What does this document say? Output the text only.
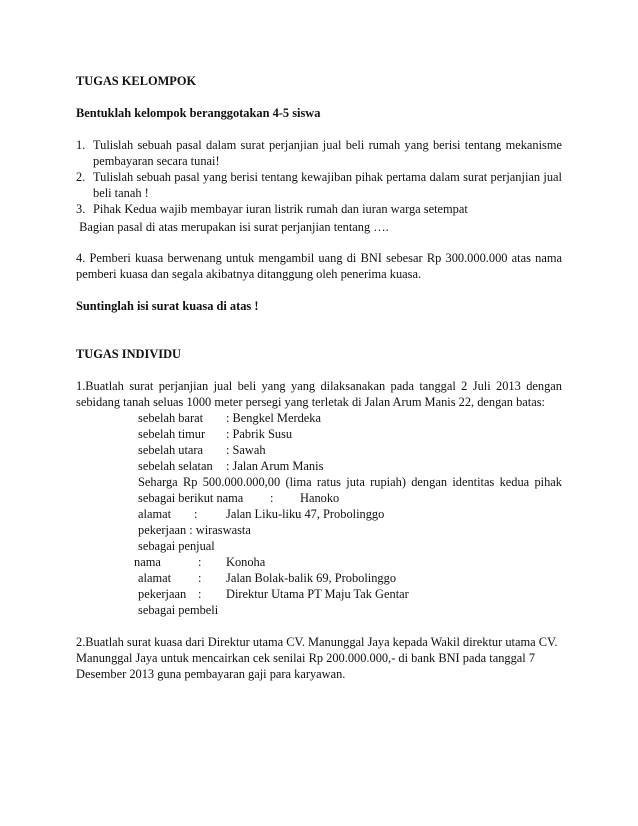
TUGAS KELOMPOK
Bentuklah kelompok beranggotakan 4-5 siswa
1. Tulislah sebuah pasal dalam surat perjanjian jual beli rumah yang berisi tentang mekanisme pembayaran secara tunai!
2. Tulislah sebuah pasal yang berisi tentang kewajiban pihak pertama dalam surat perjanjian jual beli tanah !
3. Pihak Kedua wajib membayar iuran listrik rumah dan iuran warga setempat
Bagian pasal di atas merupakan isi surat perjanjian tentang ….
4. Pemberi kuasa berwenang untuk mengambil uang di BNI sebesar Rp 300.000.000 atas nama pemberi kuasa dan segala akibatnya ditanggung oleh penerima kuasa.
Suntinglah isi surat kuasa di atas !
TUGAS INDIVIDU
1.Buatlah surat perjanjian jual beli yang yang dilaksanakan pada tanggal 2 Juli 2013 dengan sebidang tanah seluas 1000 meter persegi yang terletak di Jalan Arum Manis 22, dengan batas:
sebelah barat : Bengkel Merdeka
sebelah timur : Pabrik Susu
sebelah utara : Sawah
sebelah selatan : Jalan Arum Manis
Seharga Rp 500.000.000,00 (lima ratus juta rupiah) dengan identitas kedua pihak
sebagai berikut nama : Hanoko
alamat : Jalan Liku-liku 47, Probolinggo
pekerjaan : wiraswasta
sebagai penjual
nama	: Konoha
alamat : Jalan Bolak-balik 69, Probolinggo
pekerjaan : Direktur Utama PT Maju Tak Gentar
sebagai pembeli
2.Buatlah surat kuasa dari Direktur utama CV. Manunggal Jaya kepada Wakil direktur utama CV. Manunggal Jaya untuk mencairkan cek senilai Rp 200.000.000,- di bank BNI pada tanggal 7 Desember 2013 guna pembayaran gaji para karyawan.
